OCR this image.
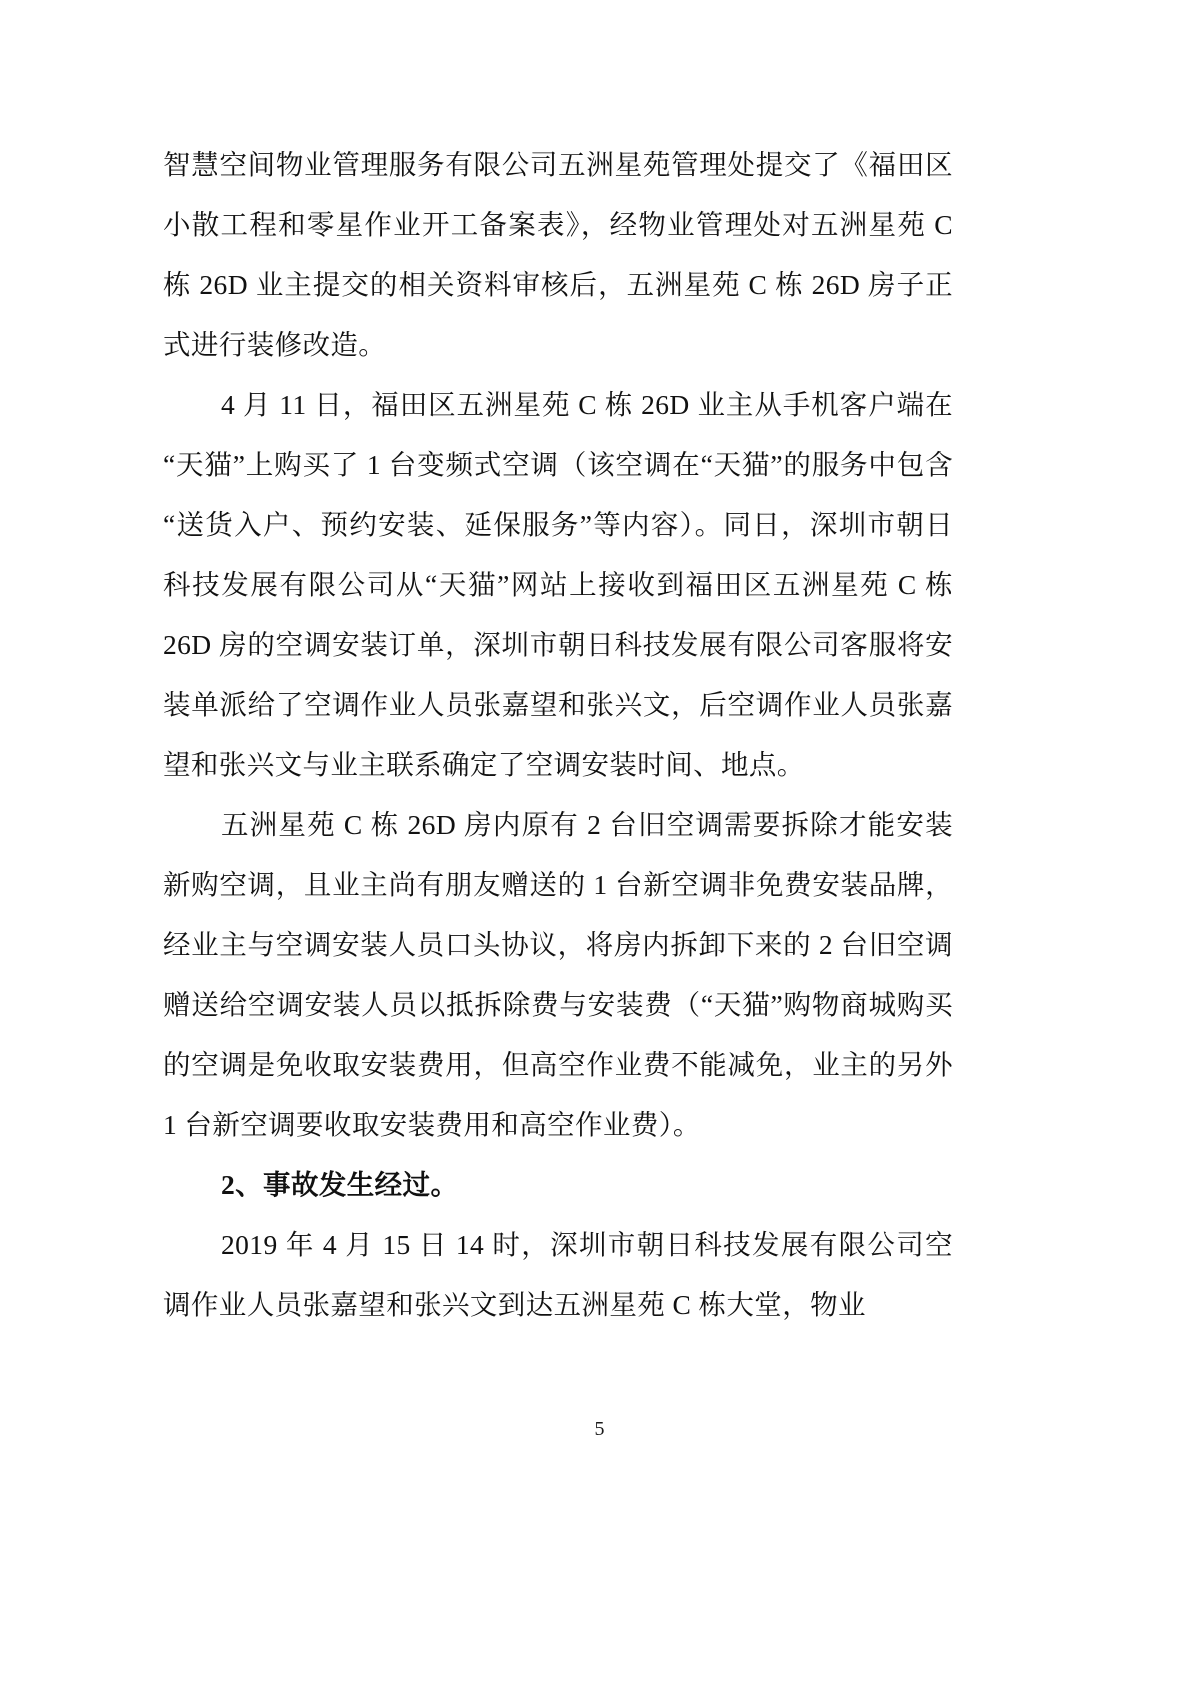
智慧空间物业管理服务有限公司五洲星苑管理处提交了《福田区小散工程和零星作业开工备案表》，经物业管理处对五洲星苑 C 栋 26D 业主提交的相关资料审核后，五洲星苑 C 栋 26D 房子正式进行装修改造。

4 月 11 日，福田区五洲星苑 C 栋 26D 业主从手机客户端在“天猫”上购买了 1 台变频式空调（该空调在“天猫”的服务中包含“送货入户、预约安装、延保服务”等内容）。同日，深圳市朝日科技发展有限公司从“天猫”网站上接收到福田区五洲星苑 C 栋 26D 房的空调安装订单，深圳市朝日科技发展有限公司客服将安装单派给了空调作业人员张嘉望和张兴文，后空调作业人员张嘉望和张兴文与业主联系确定了空调安装时间、地点。

五洲星苑 C 栋 26D 房内原有 2 台旧空调需要拆除才能安装新购空调，且业主尚有朋友赠送的 1 台新空调非免费安装品牌，经业主与空调安装人员口头协议，将房内拆卸下来的 2 台旧空调赠送给空调安装人员以抵拆除费与安装费（“天猫”购物商城购买的空调是免收取安装费用，但高空作业费不能减免，业主的另外 1 台新空调要收取安装费用和高空作业费）。

2、事故发生经过。

2019 年 4 月 15 日 14 时，深圳市朝日科技发展有限公司空调作业人员张嘉望和张兴文到达五洲星苑 C 栋大堂，物业

5
